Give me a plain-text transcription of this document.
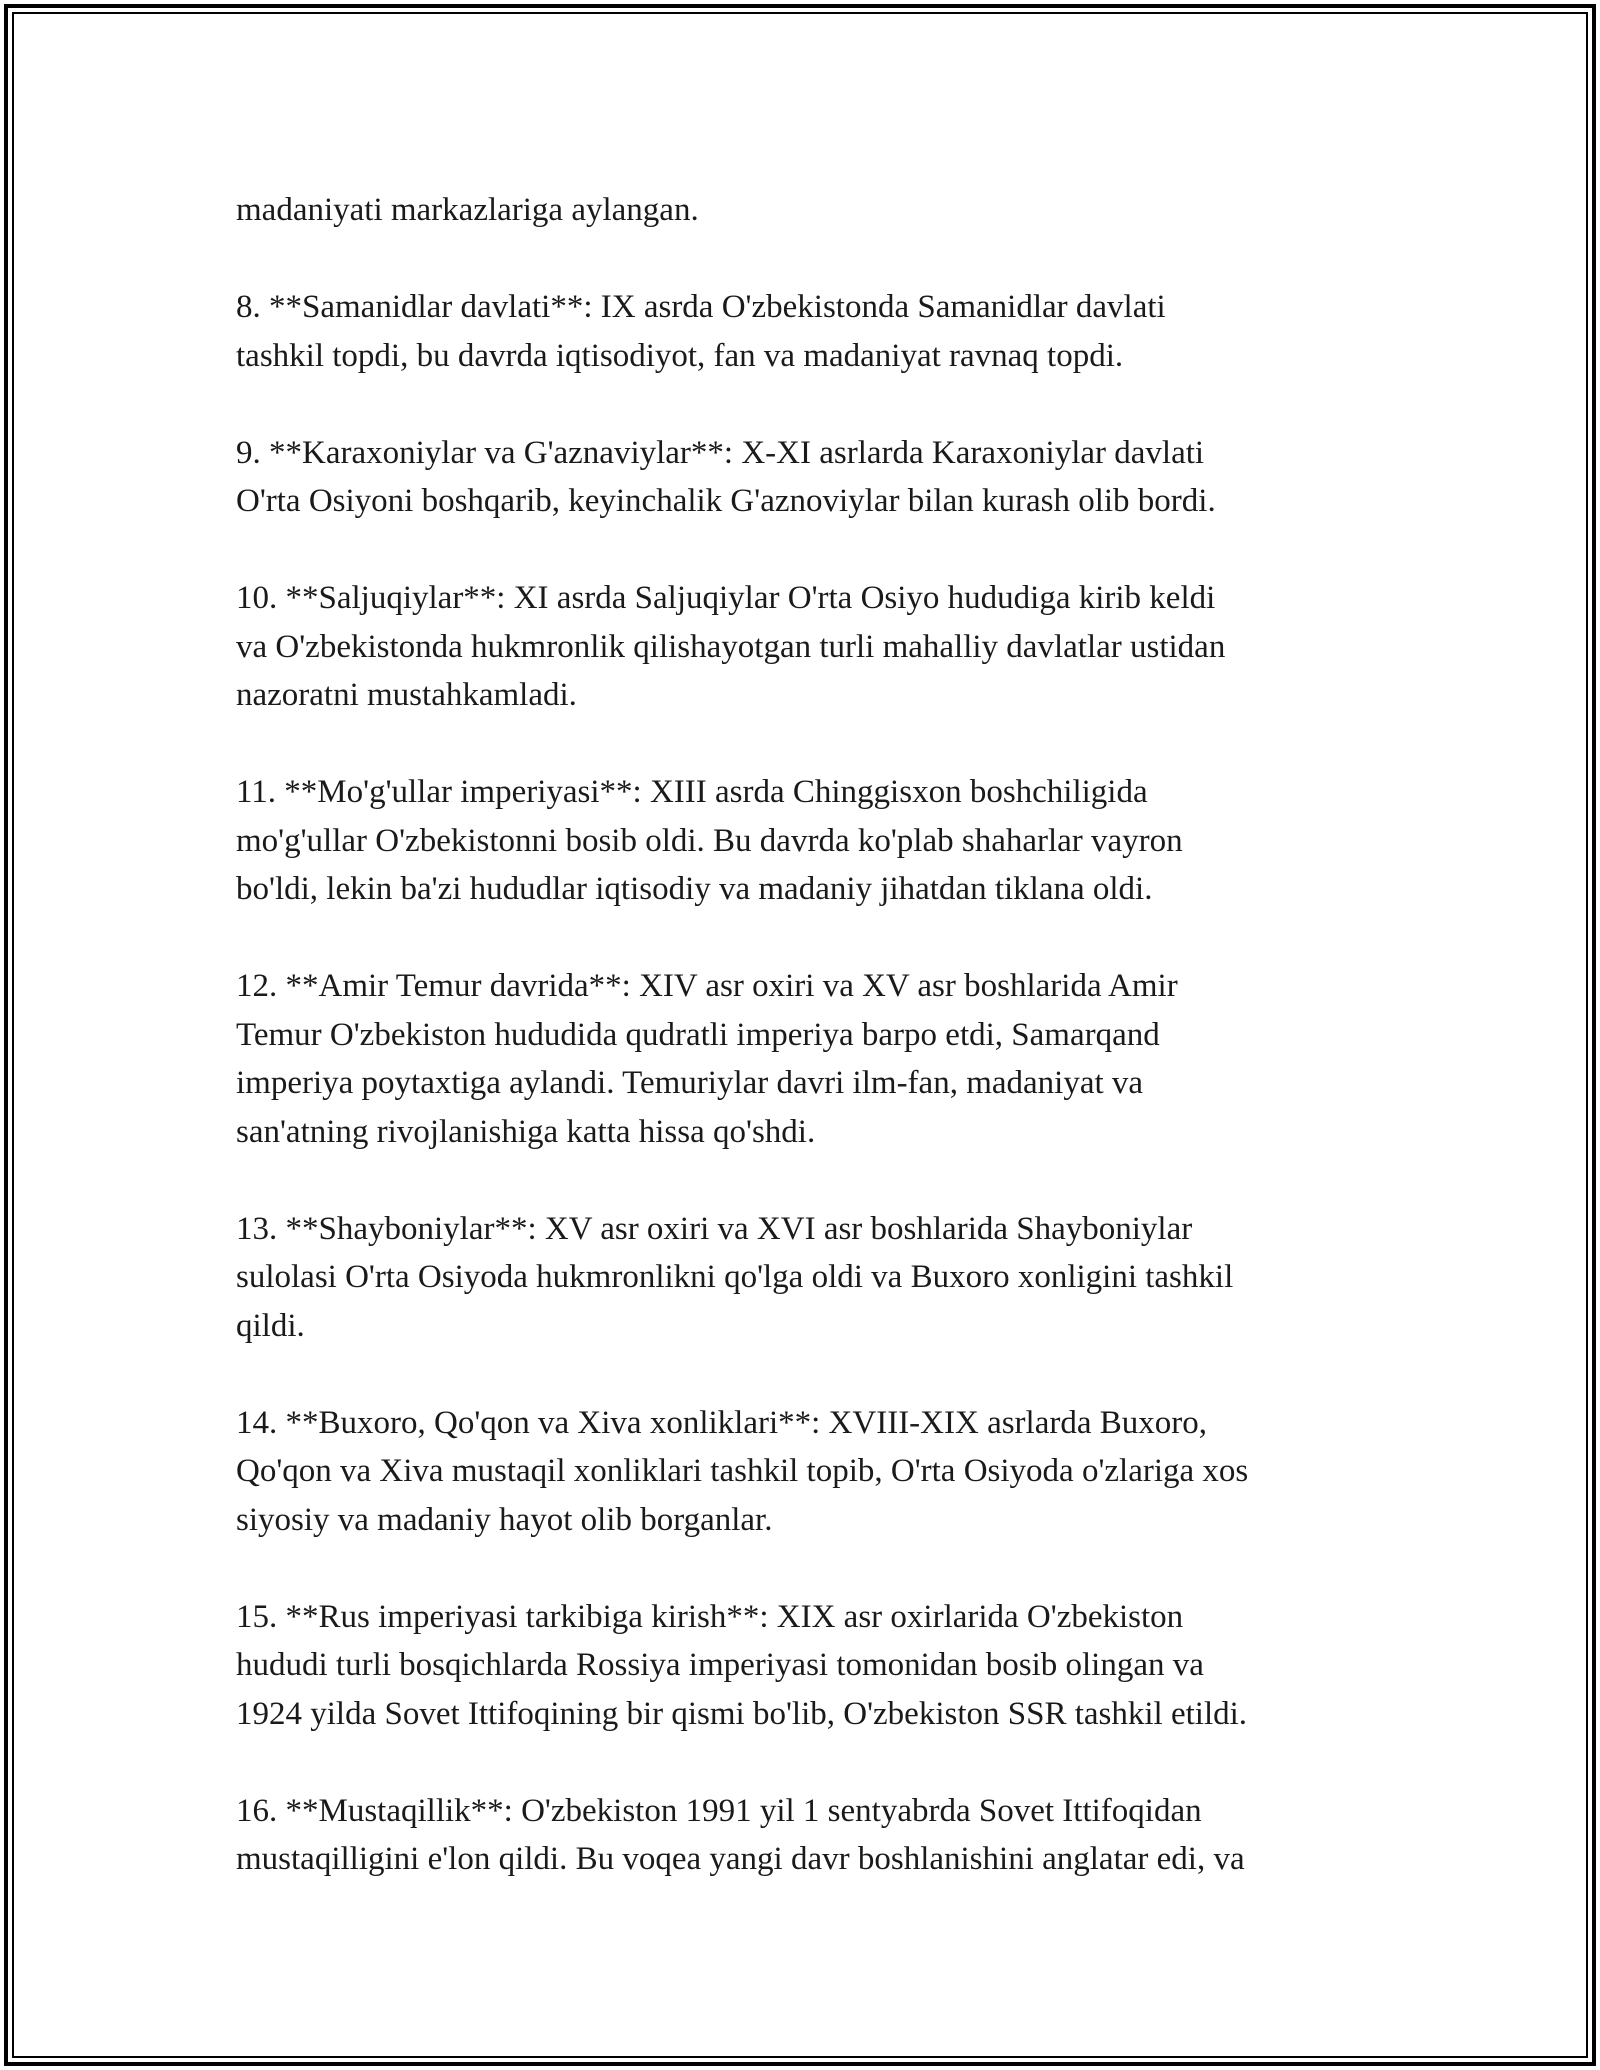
madaniyati markazlariga aylangan.

8. **Samanidlar davlati**: IX asrda O'zbekistonda Samanidlar davlati
tashkil topdi, bu davrda iqtisodiyot, fan va madaniyat ravnaq topdi.

9. **Karaxoniylar va G'aznaviylar**: X-XI asrlarda Karaxoniylar davlati
O'rta Osiyoni boshqarib, keyinchalik G'aznoviylar bilan kurash olib bordi.

10. **Saljuqiylar**: XI asrda Saljuqiylar O'rta Osiyo hududiga kirib keldi
va O'zbekistonda hukmronlik qilishayotgan turli mahalliy davlatlar ustidan
nazoratni mustahkamladi.

11. **Mo'g'ullar imperiyasi**: XIII asrda Chinggisxon boshchiligida
mo'g'ullar O'zbekistonni bosib oldi. Bu davrda ko'plab shaharlar vayron
bo'ldi, lekin ba'zi hududlar iqtisodiy va madaniy jihatdan tiklana oldi.

12. **Amir Temur davrida**: XIV asr oxiri va XV asr boshlarida Amir
Temur O'zbekiston hududida qudratli imperiya barpo etdi, Samarqand
imperiya poytaxtiga aylandi. Temuriylar davri ilm-fan, madaniyat va
san'atning rivojlanishiga katta hissa qo'shdi.

13. **Shayboniylar**: XV asr oxiri va XVI asr boshlarida Shayboniylar
sulolasi O'rta Osiyoda hukmronlikni qo'lga oldi va Buxoro xonligini tashkil
qildi.

14. **Buxoro, Qo'qon va Xiva xonliklari**: XVIII-XIX asrlarda Buxoro,
Qo'qon va Xiva mustaqil xonliklari tashkil topib, O'rta Osiyoda o'zlariga xos
siyosiy va madaniy hayot olib borganlar.

15. **Rus imperiyasi tarkibiga kirish**: XIX asr oxirlarida O'zbekiston
hududi turli bosqichlarda Rossiya imperiyasi tomonidan bosib olingan va
1924 yilda Sovet Ittifoqining bir qismi bo'lib, O'zbekiston SSR tashkil etildi.

16. **Mustaqillik**: O'zbekiston 1991 yil 1 sentyabrda Sovet Ittifoqidan
mustaqilligini e'lon qildi. Bu voqea yangi davr boshlanishini anglatar edi, va
